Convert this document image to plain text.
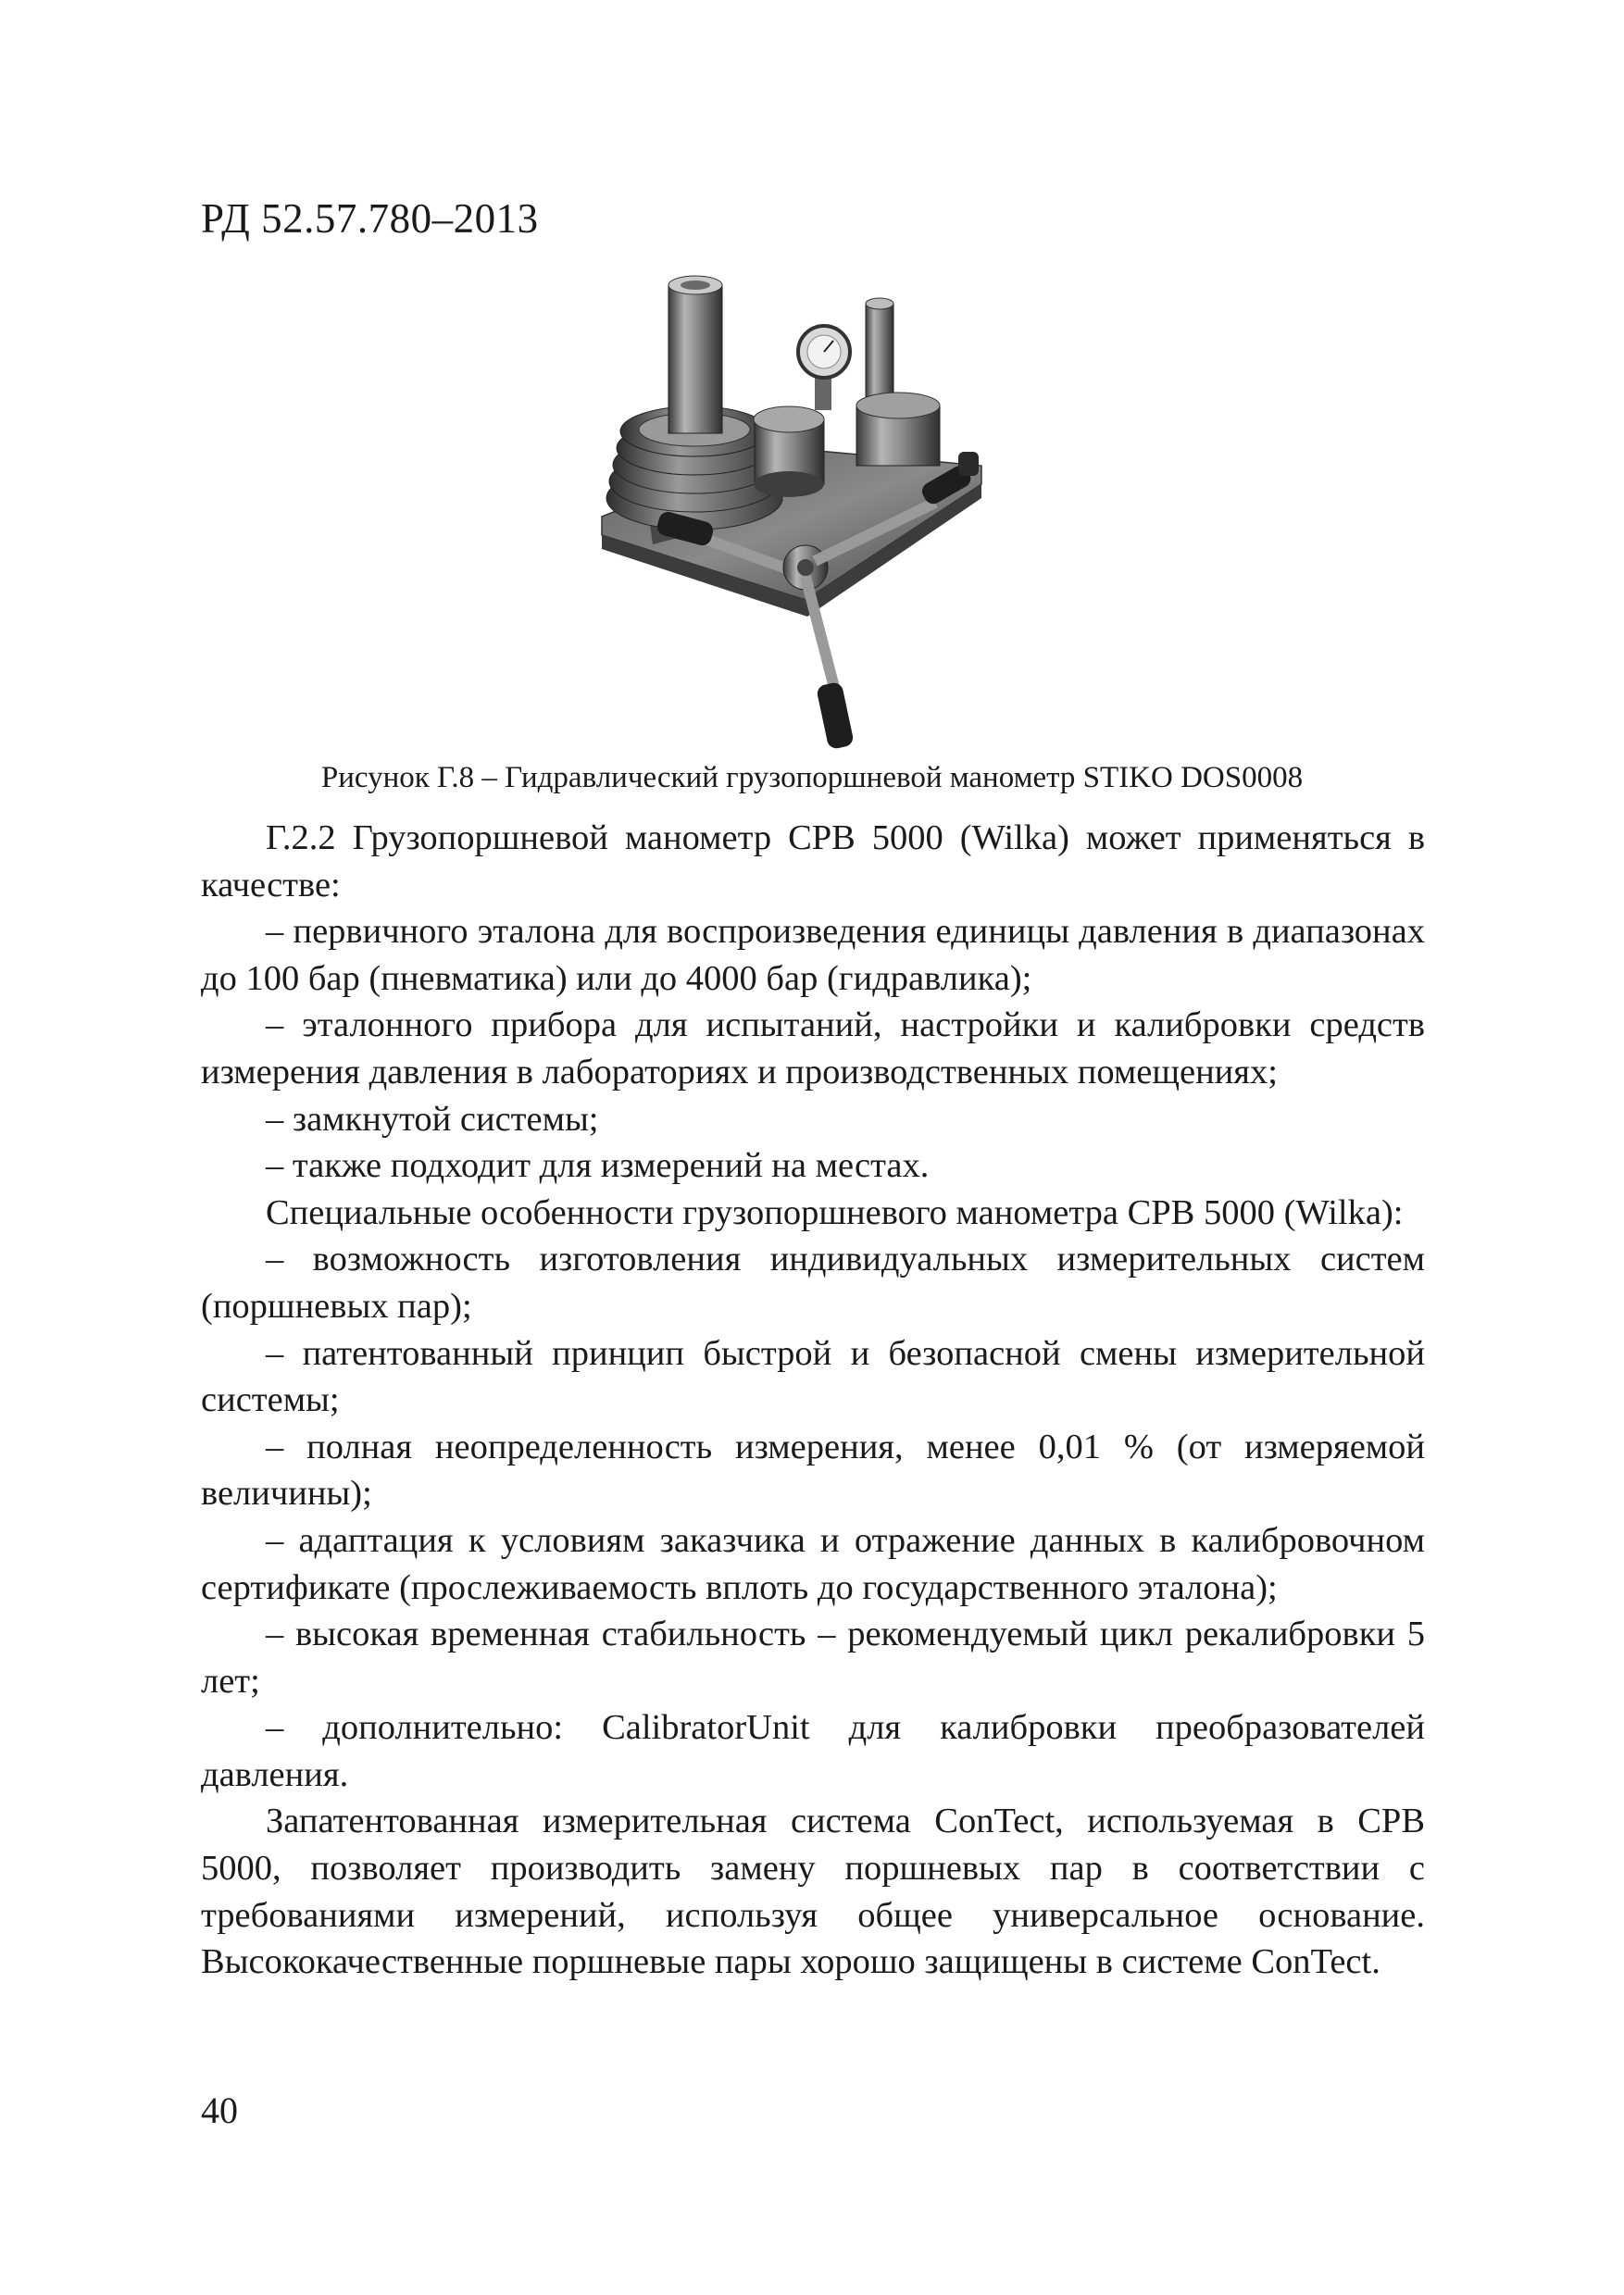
РД 52.57.780–2013
Рисунок Г.8 – Гидравлический грузопоршневой манометр STIKO DOS0008

Г.2.2 Грузопоршневой манометр CPB 5000 (Wilka) может применяться в качестве:

– первичного эталона для воспроизведения единицы давления в диапазонах до 100 бар (пневматика) или до 4000 бар (гидравлика);

– эталонного прибора для испытаний, настройки и калибровки средств измерения давления в лабораториях и производственных помещениях;

– замкнутой системы;

– также подходит для измерений на местах.

Специальные особенности грузопоршневого манометра CPB 5000 (Wilka):

– возможность изготовления индивидуальных измерительных систем (поршневых пар);

– патентованный принцип быстрой и безопасной смены измерительной системы;

– полная неопределенность измерения, менее 0,01 % (от измеряемой величины);

– адаптация к условиям заказчика и отражение данных в калибровочном сертификате (прослеживаемость вплоть до государственного эталона);

– высокая временная стабильность – рекомендуемый цикл рекалибровки 5 лет;

– дополнительно: CalibratorUnit для калибровки преобразователей давления.

Запатентованная измерительная система ConTect, используемая в CPB 5000, позволяет производить замену поршневых пар в соответствии с требованиями измерений, используя общее универсальное основание. Высококачественные поршневые пары хорошо защищены в системе ConTect.

40
